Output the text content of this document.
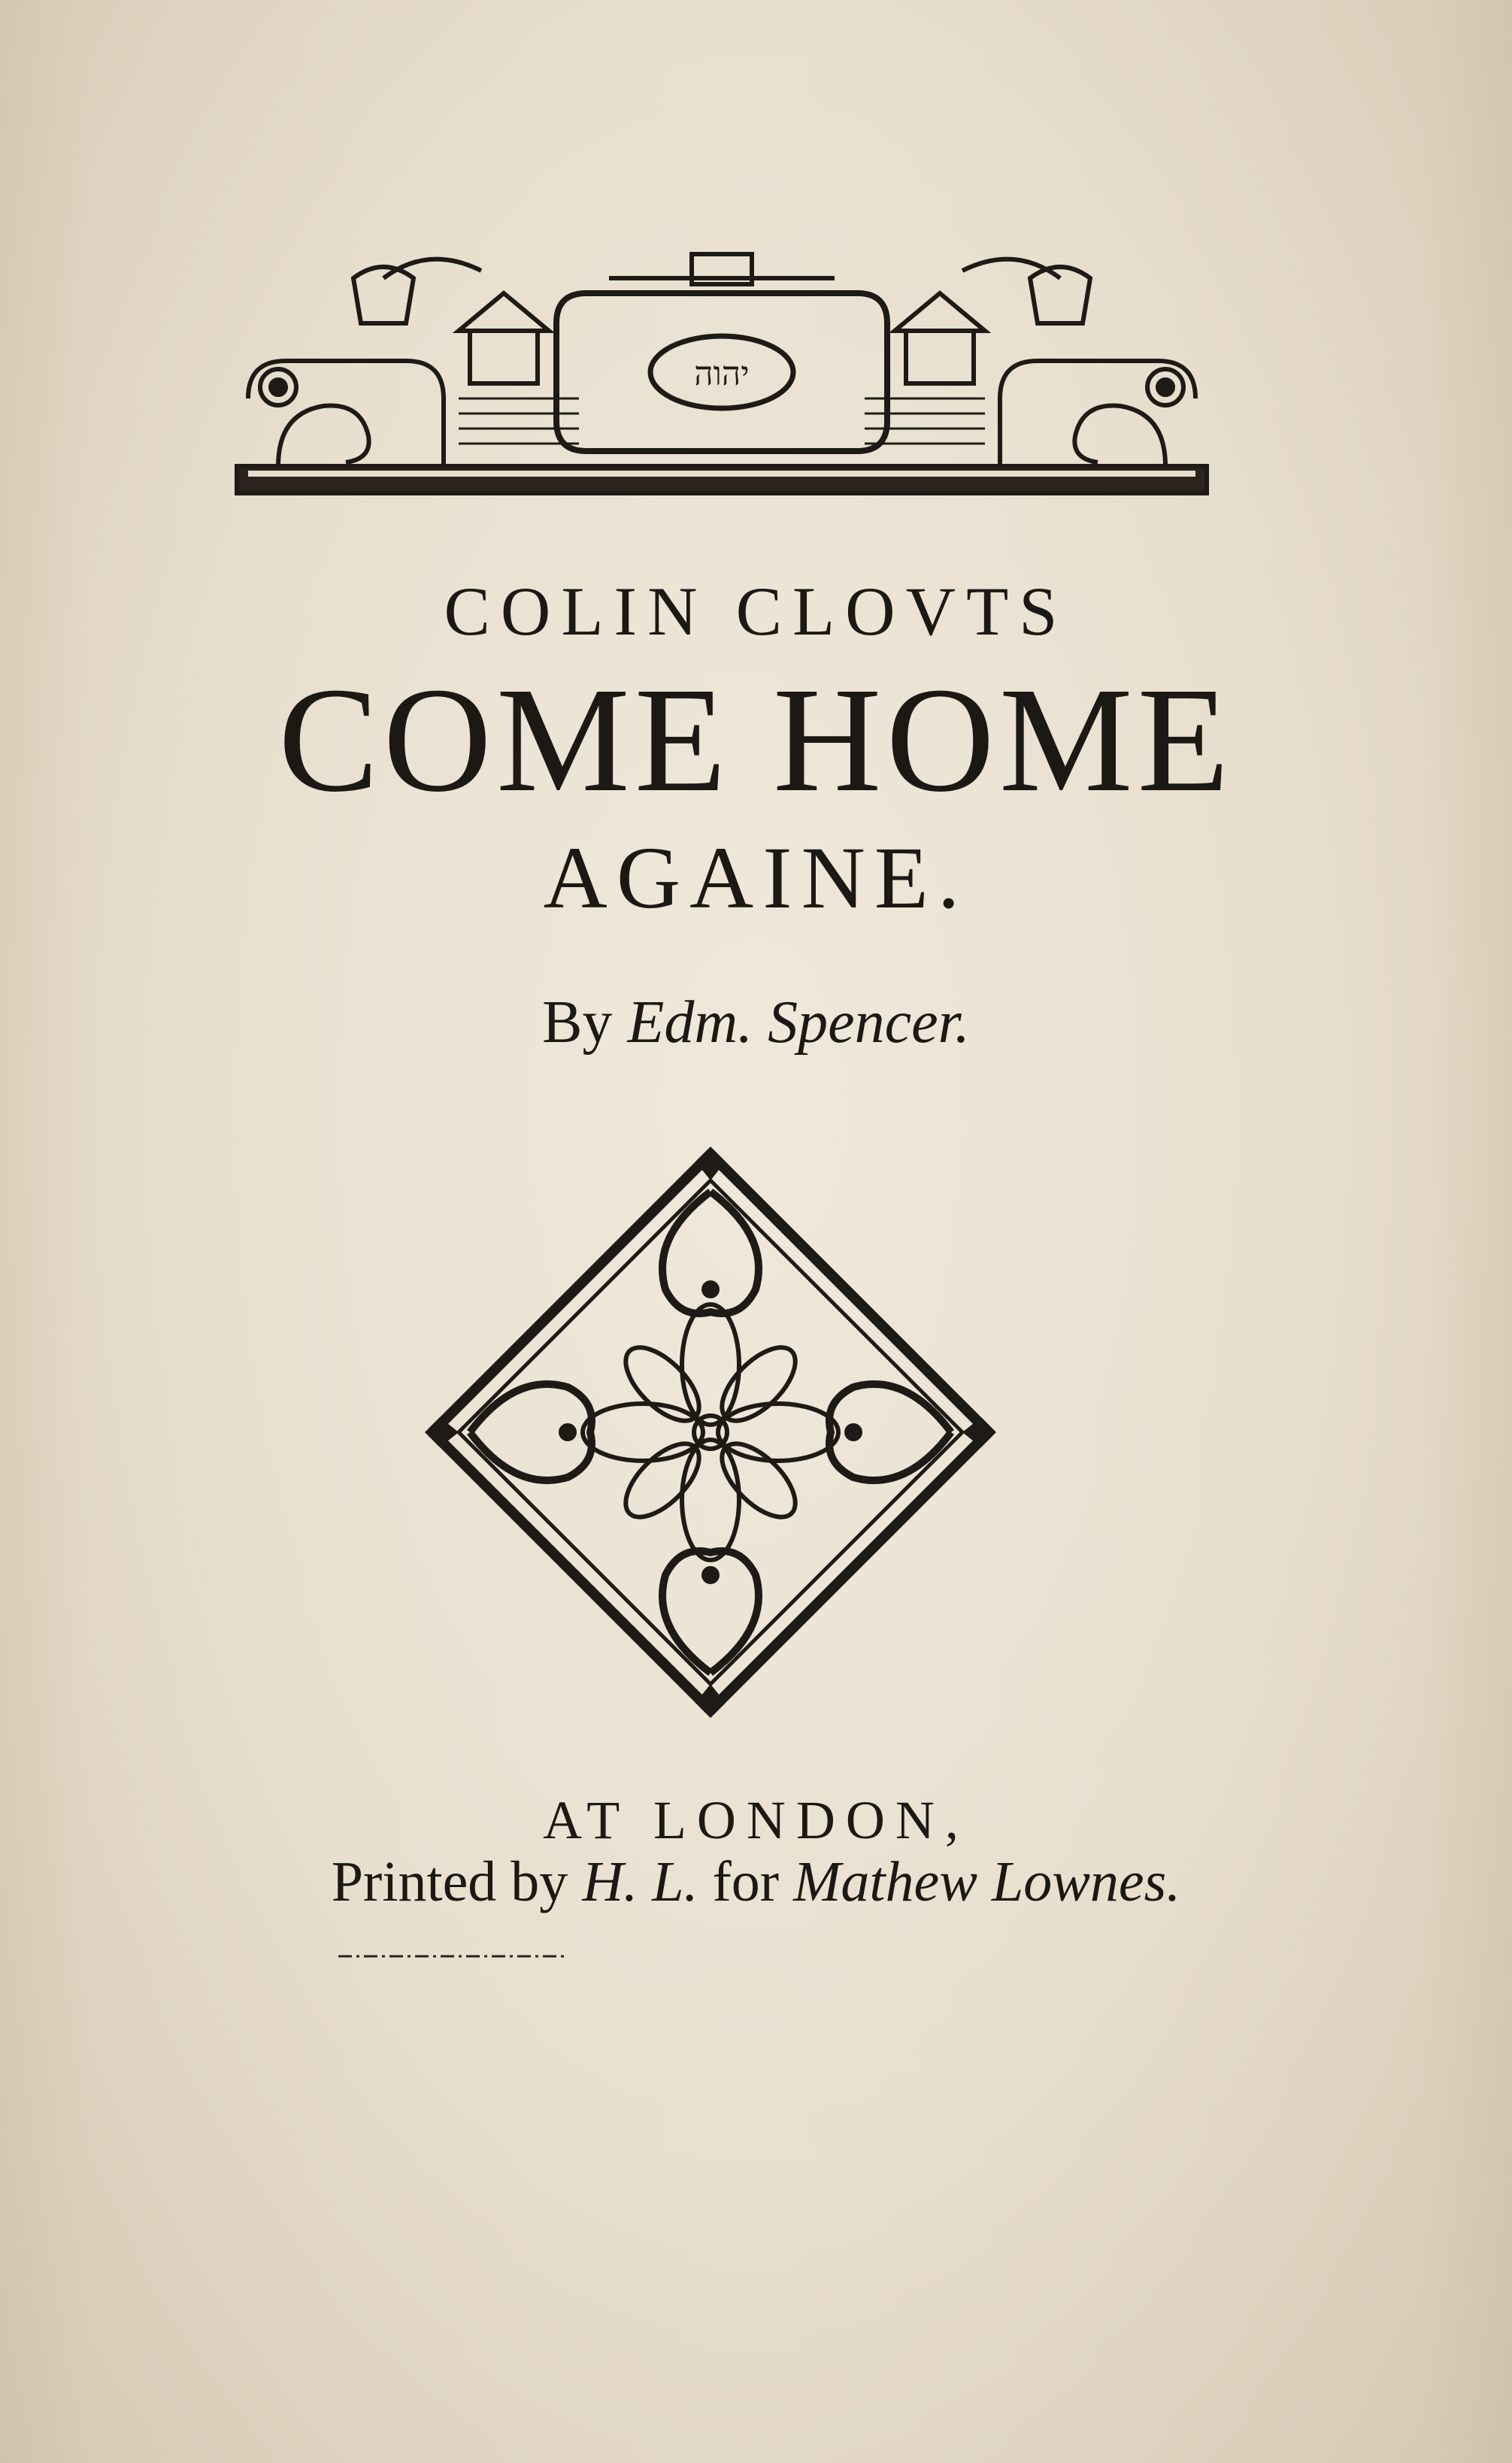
יהוה
COLIN CLOVTS
COME HOME
AGAINE.
By Edm. Spencer.
AT LONDON,
Printed by H. L. for Mathew Lownes.
